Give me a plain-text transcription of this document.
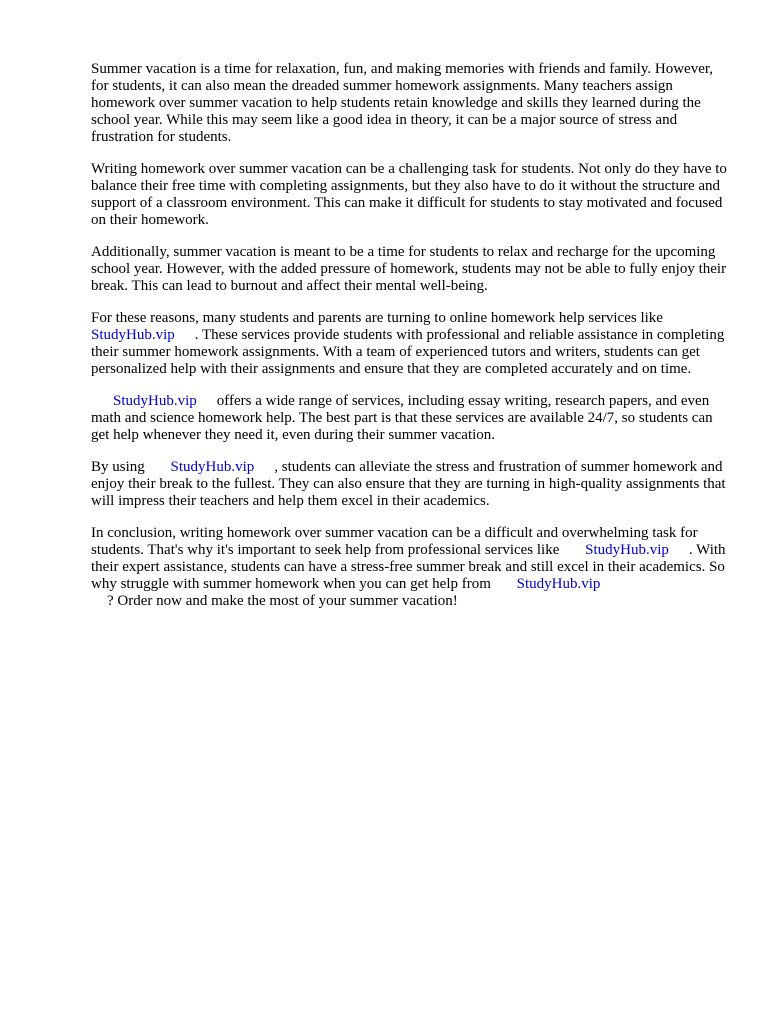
Summer vacation is a time for relaxation, fun, and making memories with friends and family. However, for students, it can also mean the dreaded summer homework assignments. Many teachers assign homework over summer vacation to help students retain knowledge and skills they learned during the school year. While this may seem like a good idea in theory, it can be a major source of stress and frustration for students.

Writing homework over summer vacation can be a challenging task for students. Not only do they have to balance their free time with completing assignments, but they also have to do it without the structure and support of a classroom environment. This can make it difficult for students to stay motivated and focused on their homework.

Additionally, summer vacation is meant to be a time for students to relax and recharge for the upcoming school year. However, with the added pressure of homework, students may not be able to fully enjoy their break. This can lead to burnout and affect their mental well-being.

For these reasons, many students and parents are turning to online homework help services like StudyHub.vip . These services provide students with professional and reliable assistance in completing their summer homework assignments. With a team of experienced tutors and writers, students can get personalized help with their assignments and ensure that they are completed accurately and on time.

StudyHub.vip offers a wide range of services, including essay writing, research papers, and even math and science homework help. The best part is that these services are available 24/7, so students can get help whenever they need it, even during their summer vacation.

By using StudyHub.vip , students can alleviate the stress and frustration of summer homework and enjoy their break to the fullest. They can also ensure that they are turning in high-quality assignments that will impress their teachers and help them excel in their academics.

In conclusion, writing homework over summer vacation can be a difficult and overwhelming task for students. That's why it's important to seek help from professional services like StudyHub.vip . With their expert assistance, students can have a stress-free summer break and still excel in their academics. So why struggle with summer homework when you can get help from StudyHub.vip
? Order now and make the most of your summer vacation!
